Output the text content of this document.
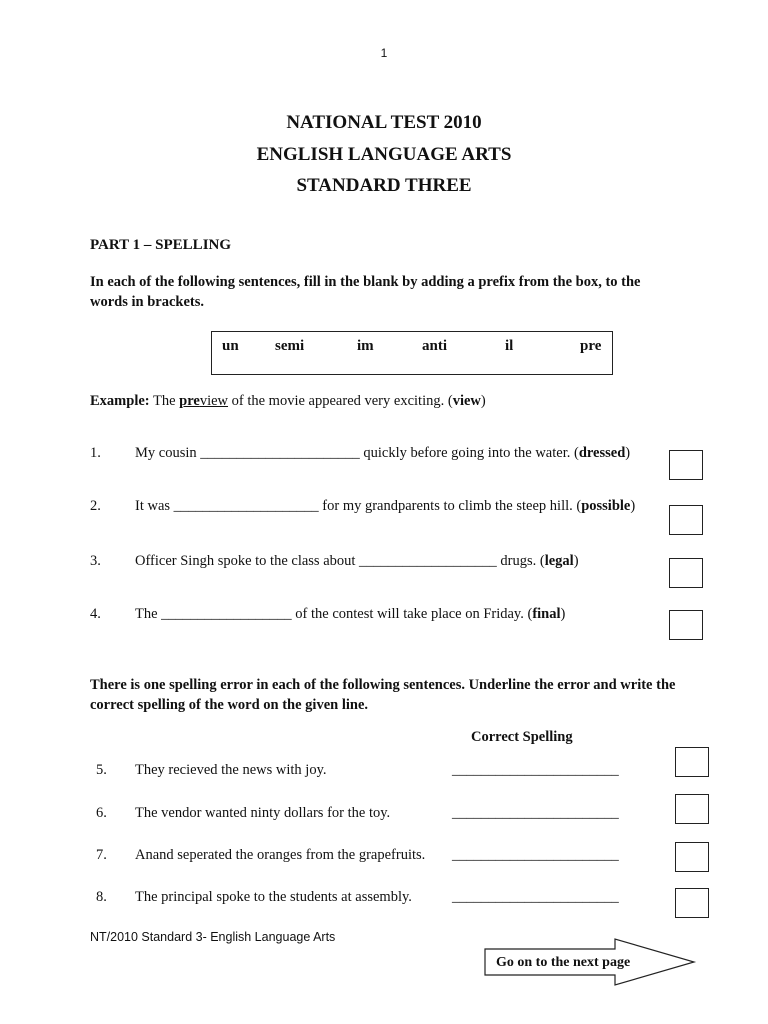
1
NATIONAL TEST 2010
ENGLISH LANGUAGE ARTS
STANDARD THREE
PART 1 – SPELLING
In each of the following sentences, fill in the blank by adding a prefix from the box, to the words in brackets.
un semi	im	anti	il	pre
Example: The preview of the movie appeared very exciting. (view)
1. My cousin ______________________ quickly before going into the water. (dressed)
2. It was ____________________ for my grandparents to climb the steep hill. (possible)
3. Officer Singh spoke to the class about ___________________ drugs. (legal)
4. The __________________ of the contest will take place on Friday. (final)
There is one spelling error in each of the following sentences. Underline the error and write the correct spelling of the word on the given line.
Correct Spelling
5. They recieved the news with joy.	_______________________
6. The vendor wanted ninty dollars for the toy.	_______________________
7. Anand seperated the oranges from the grapefruits. _______________________
8. The principal spoke to the students at assembly.	_______________________
NT/2010 Standard 3- English Language Arts
Go on to the next page
